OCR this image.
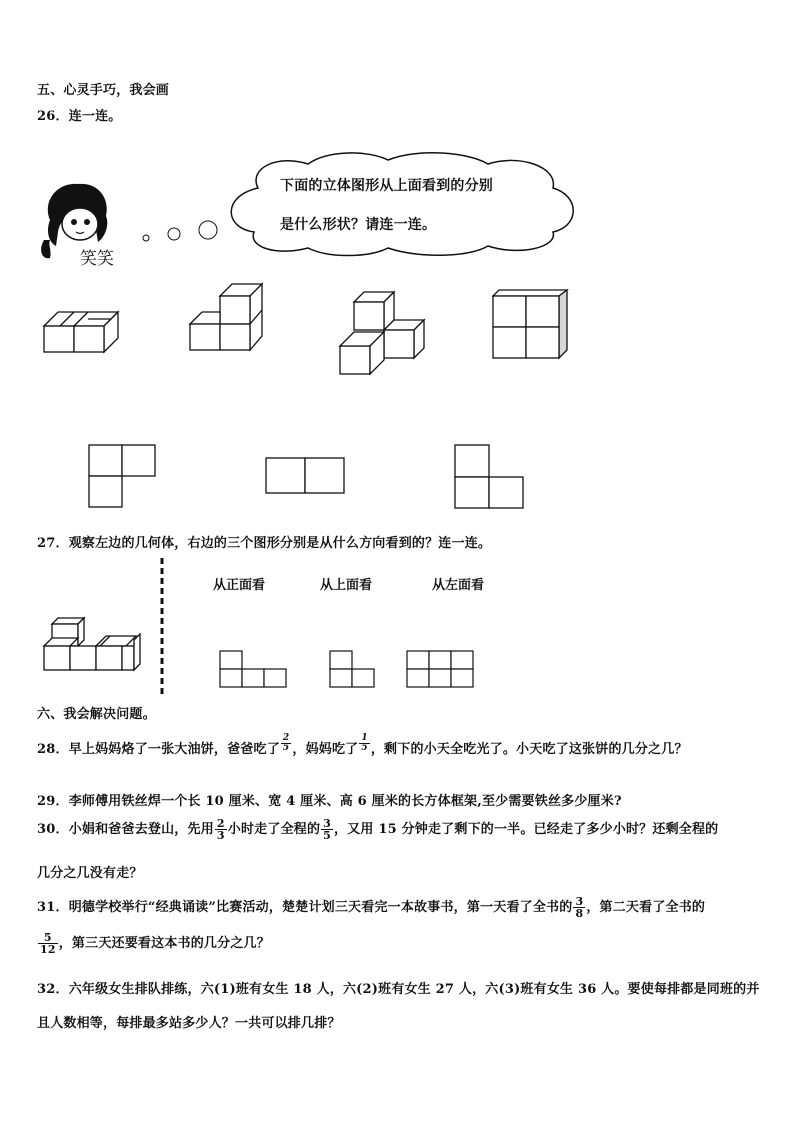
五、心灵手巧，我会画
26．连一连。
笑笑
下面的立体图形从上面看到的分别
是什么形状？请连一连。
27．观察左边的几何体，右边的三个图形分别是从什么方向看到的？连一连。
从正面看	从上面看	从左面看
六、我会解决问题。
28．早上妈妈烙了一张大油饼，爸爸吃了 $\frac{2}{5}$ ，妈妈吃了 $\frac{1}{5}$ ，剩下的小天全吃光了。小天吃了这张饼的几分之几？
29．李师傅用铁丝焊一个长 10 厘米、宽 4 厘米、高 6 厘米的长方体框架,至少需要铁丝多少厘米?
30．小娟和爸爸去登山，先用 $\frac{2}{3}$ 小时走了全程的 $\frac{3}{5}$ ，又用 15 分钟走了剩下的一半。已经走了多少小时？还剩全程的
几分之几没有走？
31．明德学校举行“经典诵读”比赛活动，楚楚计划三天看完一本故事书，第一天看了全书的 $\frac{3}{8}$ ，第二天看了全书的
$\frac{5}{12}$ ，第三天还要看这本书的几分之几？
32．六年级女生排队排练，六(1)班有女生 18 人，六(2)班有女生 27 人，六(3)班有女生 36 人。要使每排都是同班的并
且人数相等，每排最多站多少人？一共可以排几排？
